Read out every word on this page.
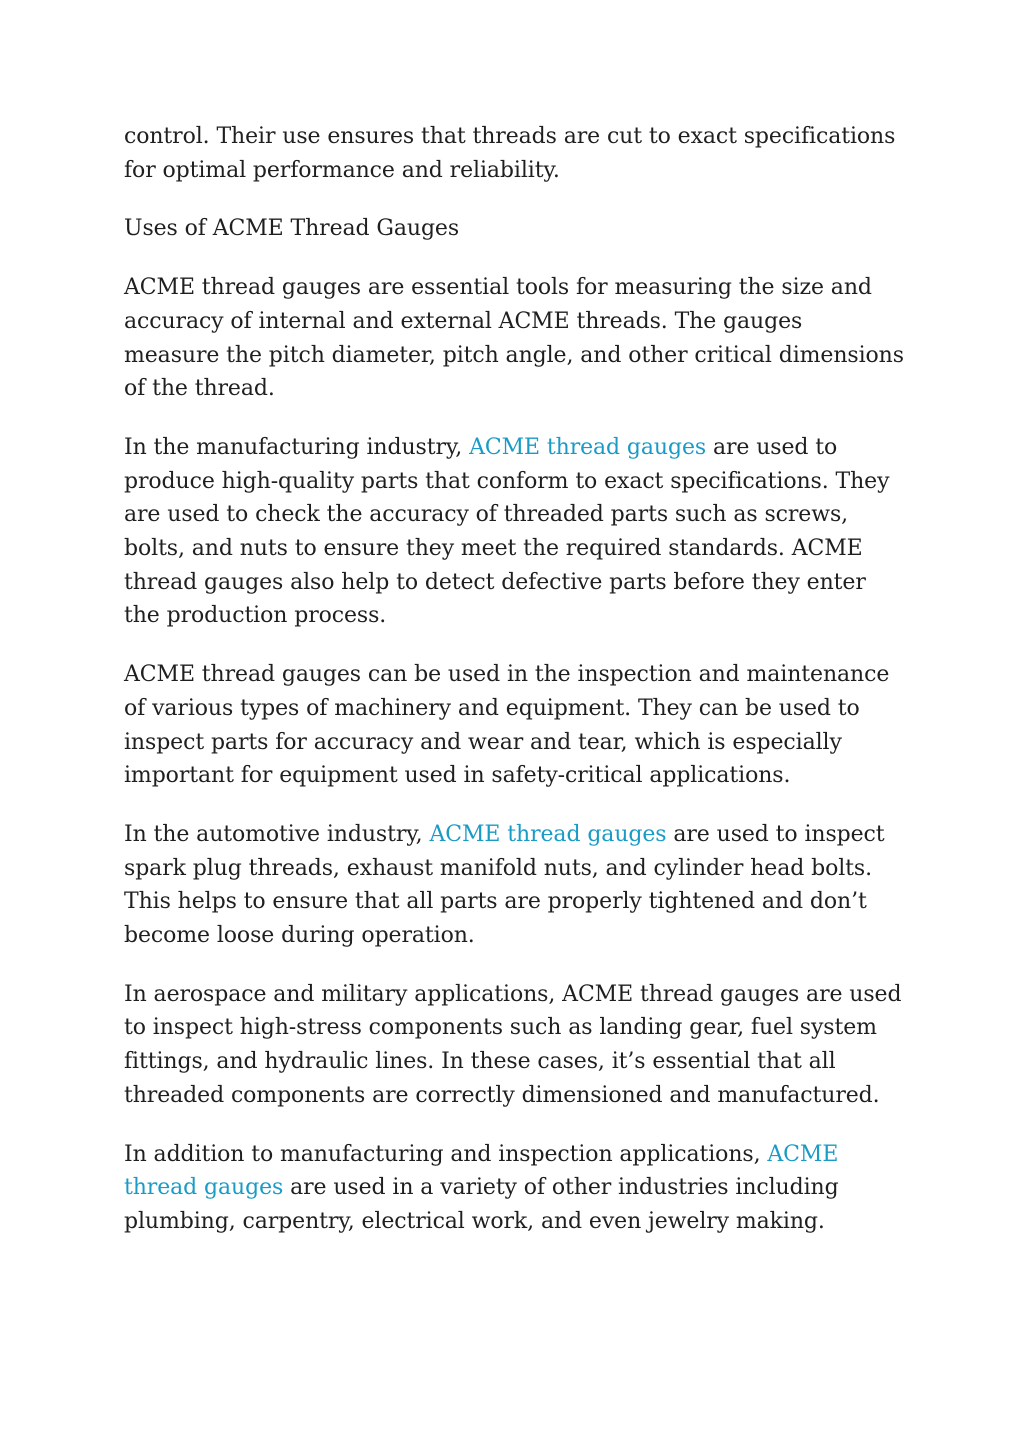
control. Their use ensures that threads are cut to exact specifications for optimal performance and reliability.

Uses of ACME Thread Gauges

ACME thread gauges are essential tools for measuring the size and accuracy of internal and external ACME threads. The gauges measure the pitch diameter, pitch angle, and other critical dimensions of the thread.

In the manufacturing industry, ACME thread gauges are used to produce high-quality parts that conform to exact specifications. They are used to check the accuracy of threaded parts such as screws, bolts, and nuts to ensure they meet the required standards. ACME thread gauges also help to detect defective parts before they enter the production process.

ACME thread gauges can be used in the inspection and maintenance of various types of machinery and equipment. They can be used to inspect parts for accuracy and wear and tear, which is especially important for equipment used in safety-critical applications.

In the automotive industry, ACME thread gauges are used to inspect spark plug threads, exhaust manifold nuts, and cylinder head bolts. This helps to ensure that all parts are properly tightened and don’t become loose during operation.

In aerospace and military applications, ACME thread gauges are used to inspect high-stress components such as landing gear, fuel system fittings, and hydraulic lines. In these cases, it’s essential that all threaded components are correctly dimensioned and manufactured.

In addition to manufacturing and inspection applications, ACME thread gauges are used in a variety of other industries including plumbing, carpentry, electrical work, and even jewelry making.
